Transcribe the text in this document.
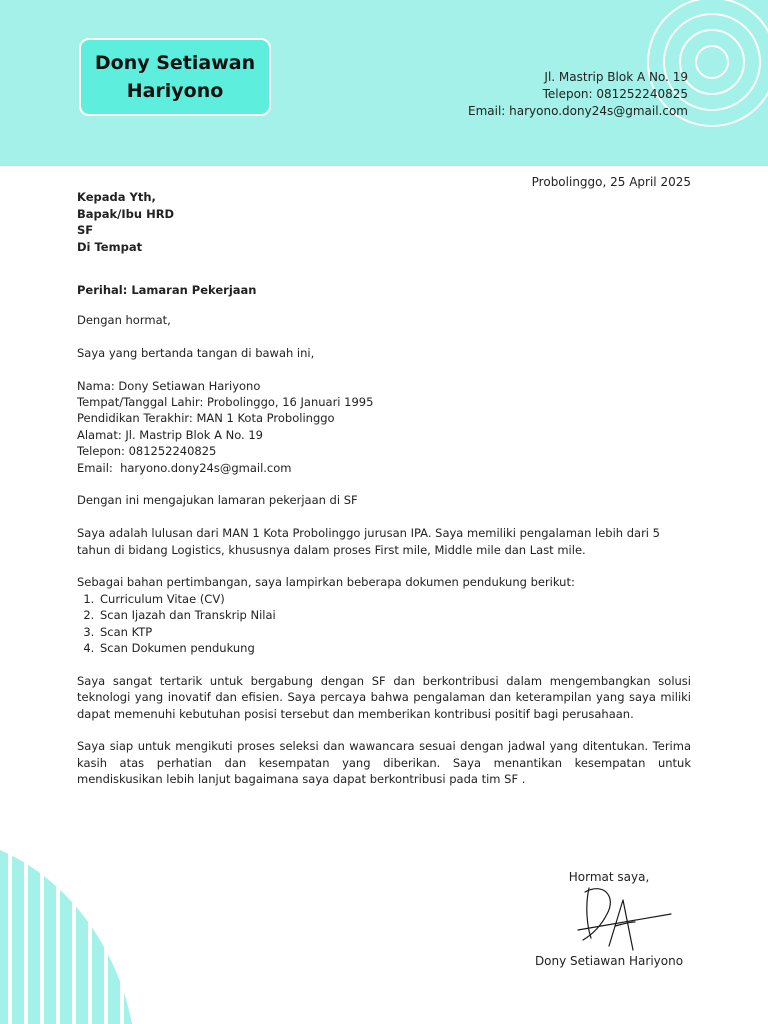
Dony Setiawan
Hariyono
Jl. Mastrip Blok A No. 19
Telepon: 081252240825
Email: haryono.dony24s@gmail.com
Probolinggo, 25 April 2025
Kepada Yth,
Bapak/Ibu HRD
SF
Di Tempat
Perihal: Lamaran Pekerjaan

Dengan hormat,

Saya yang bertanda tangan di bawah ini,

Nama: Dony Setiawan Hariyono
Tempat/Tanggal Lahir: Probolinggo, 16 Januari 1995
Pendidikan Terakhir: MAN 1 Kota Probolinggo
Alamat: Jl. Mastrip Blok A No. 19
Telepon: 081252240825
Email:  haryono.dony24s@gmail.com

Dengan ini mengajukan lamaran pekerjaan di SF

Saya adalah lulusan dari MAN 1 Kota Probolinggo jurusan IPA. Saya memiliki pengalaman lebih dari 5 tahun di bidang Logistics, khususnya dalam proses First mile, Middle mile dan Last mile.

Sebagai bahan pertimbangan, saya lampirkan beberapa dokumen pendukung berikut:
1. Curriculum Vitae (CV)
2. Scan Ijazah dan Transkrip Nilai
3. Scan KTP
4. Scan Dokumen pendukung

Saya sangat tertarik untuk bergabung dengan SF dan berkontribusi dalam mengembangkan solusi teknologi yang inovatif dan efisien. Saya percaya bahwa pengalaman dan keterampilan yang saya miliki dapat memenuhi kebutuhan posisi tersebut dan memberikan kontribusi positif bagi perusahaan.

Saya siap untuk mengikuti proses seleksi dan wawancara sesuai dengan jadwal yang ditentukan. Terima kasih atas perhatian dan kesempatan yang diberikan. Saya menantikan kesempatan untuk mendiskusikan lebih lanjut bagaimana saya dapat berkontribusi pada tim SF .

Hormat saya,
Dony Setiawan Hariyono
